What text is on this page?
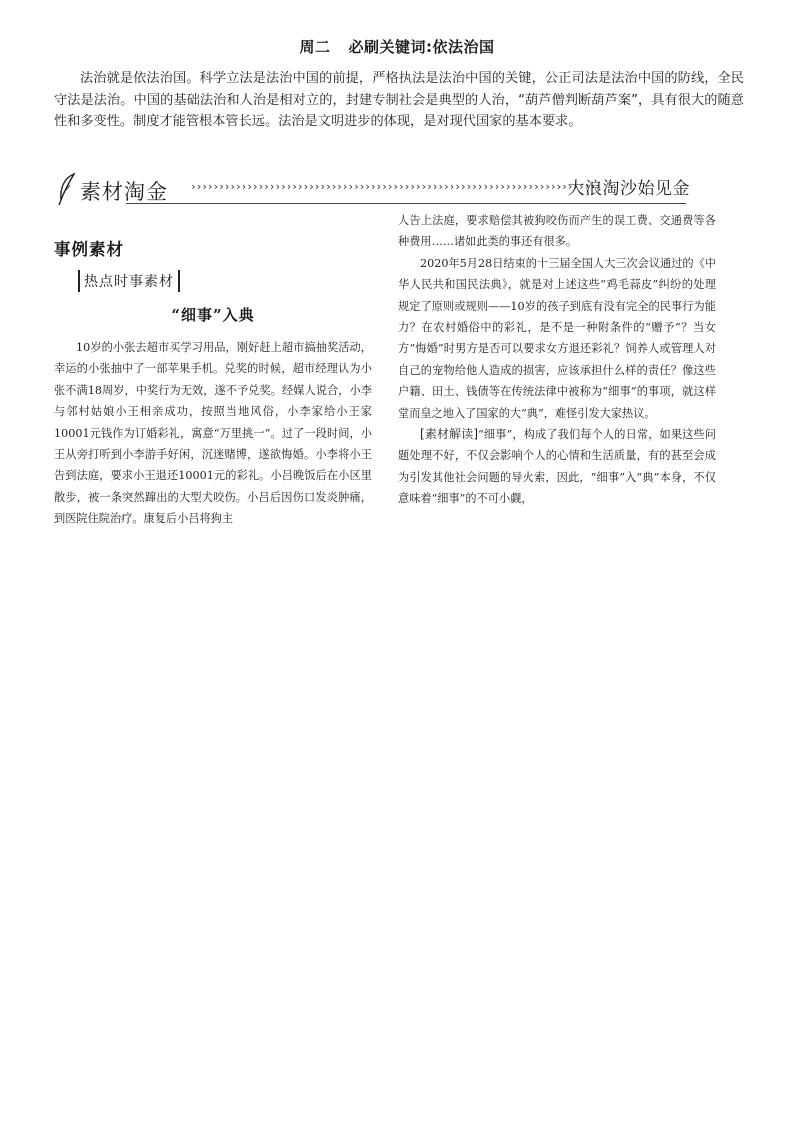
周二 必刷关键词:依法治国

法治就是依法治国。科学立法是法治中国的前提，严格执法是法治中国的关键，公正司法是法治中国的防线，全民守法是法治。中国的基础法治和人治是相对立的，封建专制社会是典型的人治，“葫芦僧判断葫芦案”，具有很大的随意性和多变性。制度才能管根本管长远。法治是文明进步的体现，是对现代国家的基本要求。

素材淘金 ›››››››››››››››››››››››››››››››››››››››››››››››››››››››››››››››››››››››››
大浪淘沙始见金
事例素材
热点时事素材
“细事”入典

10岁的小张去超市买学习用品，刚好赶上超市搞抽奖活动，幸运的小张抽中了一部苹果手机。兑奖的时候，超市经理认为小张不满18周岁，中奖行为无效，遂不予兑奖。经媒人说合，小李与邻村姑娘小王相亲成功，按照当地风俗，小李家给小王家10001元钱作为订婚彩礼，寓意“万里挑一”。过了一段时间，小王从旁打听到小李游手好闲，沉迷赌博，遂欲悔婚。小李将小王告到法庭，要求小王退还10001元的彩礼。小吕晚饭后在小区里散步，被一条突然蹿出的大型犬咬伤。小吕后因伤口发炎肿痛，到医院住院治疗。康复后小吕将狗主

人告上法庭，要求赔偿其被狗咬伤而产生的误工费、交通费等各种费用……诸如此类的事还有很多。

2020年5月28日结束的十三届全国人大三次会议通过的《中华人民共和国民法典》，就是对上述这些“鸡毛蒜皮”纠纷的处理规定了原则或规则——10岁的孩子到底有没有完全的民事行为能力？在农村婚俗中的彩礼，是不是一种附条件的“赠予”？当女方“悔婚”时男方是否可以要求女方退还彩礼？饲养人或管理人对自己的宠物给他人造成的损害，应该承担什么样的责任？像这些户籍、田土、钱债等在传统法律中被称为“细事”的事项，就这样堂而皇之地入了国家的大“典”，难怪引发大家热议。

[素材解读]“细事”，构成了我们每个人的日常，如果这些问题处理不好，不仅会影响个人的心情和生活质量，有的甚至会成为引发其他社会问题的导火索，因此，“细事”入“典”本身，不仅意味着“细事”的不可小觑，
